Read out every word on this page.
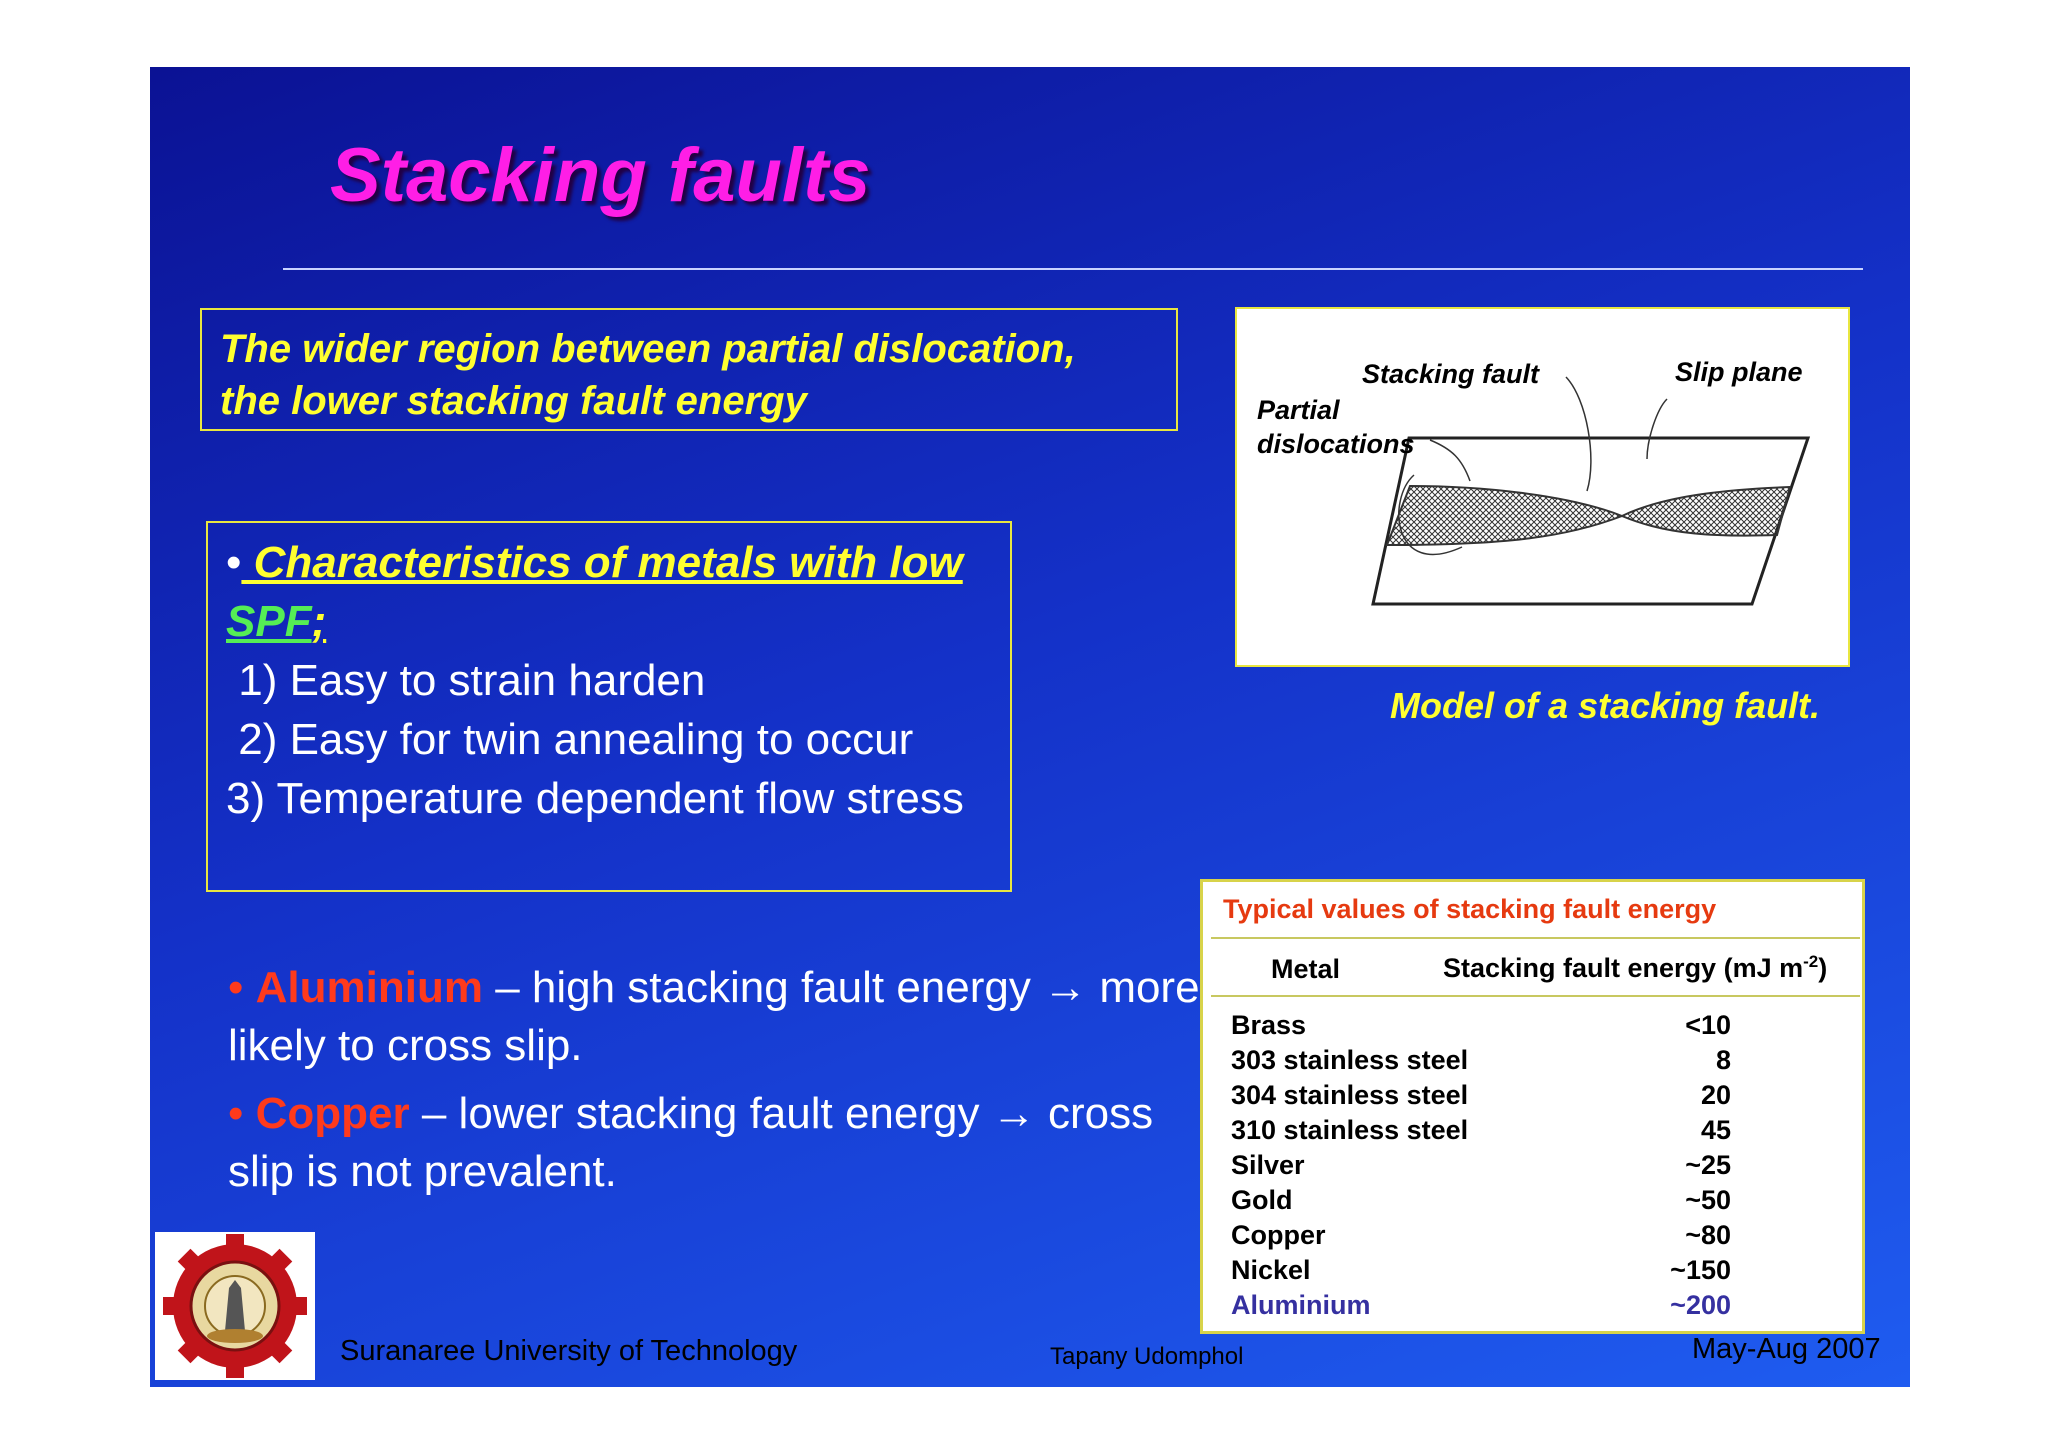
Stacking faults
The wider region between partial dislocation,
the lower stacking fault energy
• Characteristics of metals with low SPF;
1) Easy to strain harden
2) Easy for twin annealing to occur
3) Temperature dependent flow stress

• Aluminium – high stacking fault energy → more likely to cross slip.

• Copper – lower stacking fault energy → cross slip is not prevalent.

Stacking fault	Slip plane
Partial
dislocations
Model of a stacking fault.
Typical values of stacking fault energy
Metal	Stacking fault energy (mJ $m^{-2}$)
Brass	<10
303 stainless steel	8
304 stainless steel	20
310 stainless steel	45
Silver	~25
Gold	~50
Copper	~80
Nickel	~150
Aluminium	~200
Suranaree University of Technology	Tapany Udomphol	May-Aug 2007
